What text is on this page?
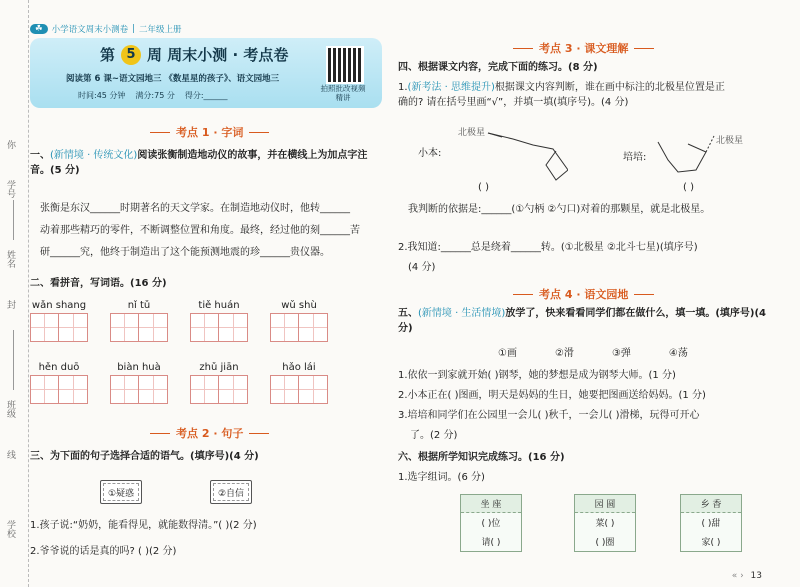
你
学号
姓名
封
班级
线
学校
☘	小学语文周末小测卷 | 二年级上册
第 5 周 周末小测 · 考点卷
阅读第 6 课~语文园地三 《数星星的孩子》、语文园地三
时间:45 分钟 满分:75 分 得分:______
拍照批改视频精讲
考点 1 · 字词
一、(新情境 · 传统文化)阅读张衡制造地动仪的故事，并在横线上为加点字注音。(5 分)
张衡是东汉______时期著名的天文学家。在制造地动仪时，他转______
动着那些精巧的零件，不断调整位置和角度。最终，经过他的刻______苦
研______究，他终于制造出了这个能预测地震的珍______贵仪器。
二、看拼音，写词语。(16 分)
wǎn shang	nǐ tǔ	tiě huán	wǔ shù
hěn duō	biàn huà	zhǔ jiān	hǎo lái
考点 2 · 句子
三、为下面的句子选择合适的语气。(填序号)(4 分)
①疑惑	②自信
1.孩子说:“奶奶，能看得见，就能数得清。”( )(2 分)
2.爷爷说的话是真的吗? ( )(2 分)
考点 3 · 课文理解
四、根据课文内容，完成下面的练习。(8 分)
1.(新考法 · 思维提升)根据课文内容判断，谁在画中标注的北极星位置是正
确的? 请在括号里画“√”，并填一填(填序号)。(4 分)
北极星
小本:
( )
北极星
培培:
( )
我判断的依据是:______(①勺柄 ②勺口)对着的那颗星，就是北极星。
2.我知道:______总是绕着______转。(①北极星 ②北斗七星)(填序号)
(4 分)
考点 4 · 语文园地
五、(新情境 · 生活情境)放学了，快来看看同学们都在做什么，填一填。(填序号)(4 分)
①画	②滑	③弹	④荡
1.依依一到家就开始( )钢琴，她的梦想是成为钢琴大师。(1 分)
2.小本正在( )图画，明天是妈妈的生日，她要把图画送给妈妈。(1 分)
3.培培和同学们在公园里一会儿( )秋千，一会儿( )滑梯，玩得可开心
了。(2 分)
六、根据所学知识完成练习。(16 分)
1.选字组词。(6 分)
坐 座
( )位
请( )
园 圆
菜( )
( )圈
乡 香
( )甜
家( )
« › 13
